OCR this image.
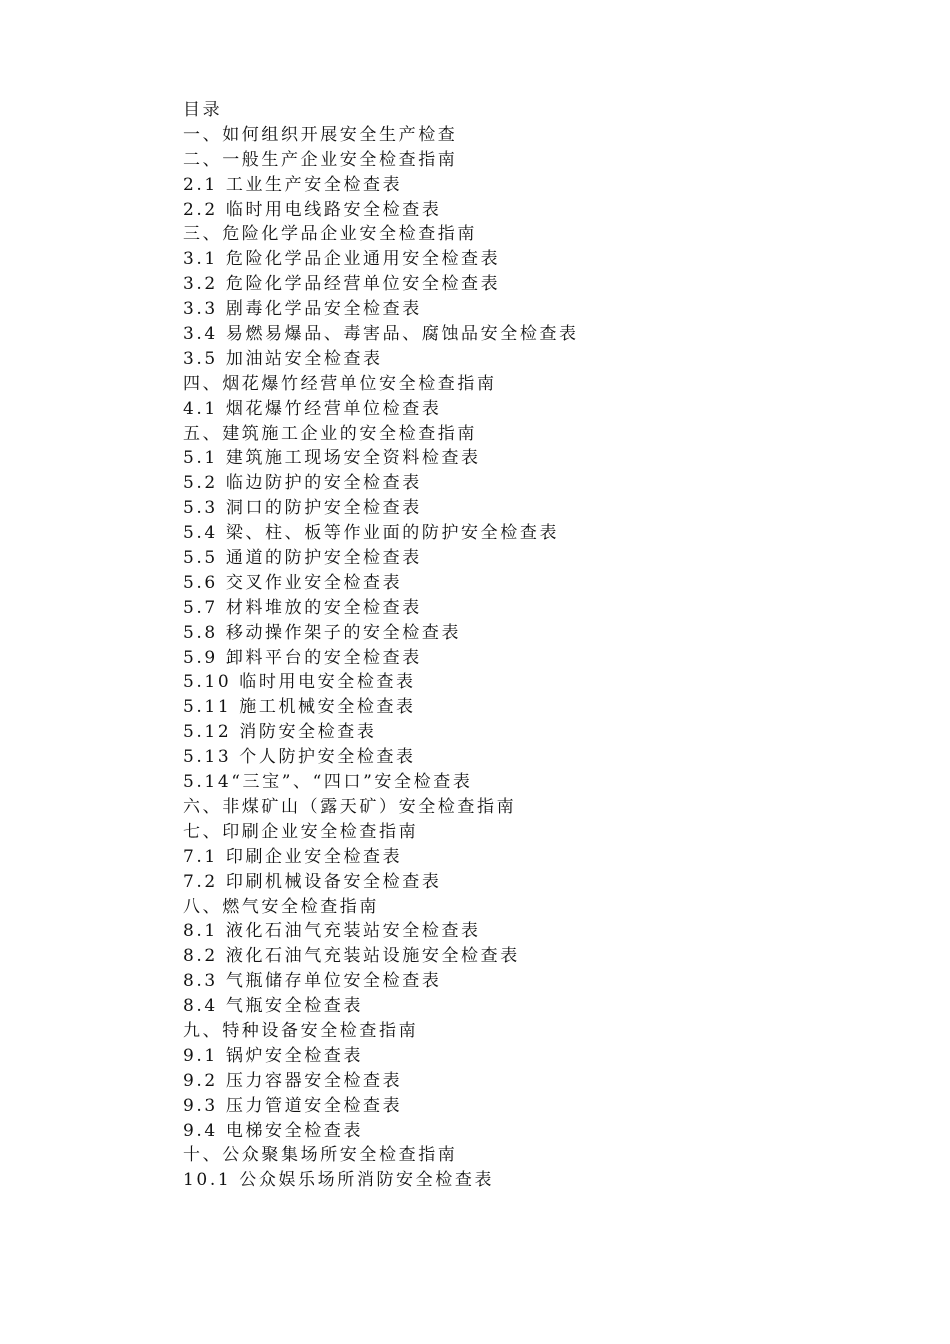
目录
一、如何组织开展安全生产检查
二、一般生产企业安全检查指南
2.1 工业生产安全检查表
2.2 临时用电线路安全检查表
三、危险化学品企业安全检查指南
3.1 危险化学品企业通用安全检查表
3.2 危险化学品经营单位安全检查表
3.3 剧毒化学品安全检查表
3.4 易燃易爆品、毒害品、腐蚀品安全检查表
3.5 加油站安全检查表
四、烟花爆竹经营单位安全检查指南
4.1 烟花爆竹经营单位检查表
五、建筑施工企业的安全检查指南
5.1 建筑施工现场安全资料检查表
5.2 临边防护的安全检查表
5.3 洞口的防护安全检查表
5.4 梁、柱、板等作业面的防护安全检查表
5.5 通道的防护安全检查表
5.6 交叉作业安全检查表
5.7 材料堆放的安全检查表
5.8 移动操作架子的安全检查表
5.9 卸料平台的安全检查表
5.10 临时用电安全检查表
5.11 施工机械安全检查表
5.12 消防安全检查表
5.13 个人防护安全检查表
5.14“三宝”、“四口”安全检查表
六、非煤矿山（露天矿）安全检查指南
七、印刷企业安全检查指南
7.1 印刷企业安全检查表
7.2 印刷机械设备安全检查表
八、燃气安全检查指南
8.1 液化石油气充装站安全检查表
8.2 液化石油气充装站设施安全检查表
8.3 气瓶储存单位安全检查表
8.4 气瓶安全检查表
九、特种设备安全检查指南
9.1 锅炉安全检查表
9.2 压力容器安全检查表
9.3 压力管道安全检查表
9.4 电梯安全检查表
十、公众聚集场所安全检查指南
10.1 公众娱乐场所消防安全检查表
